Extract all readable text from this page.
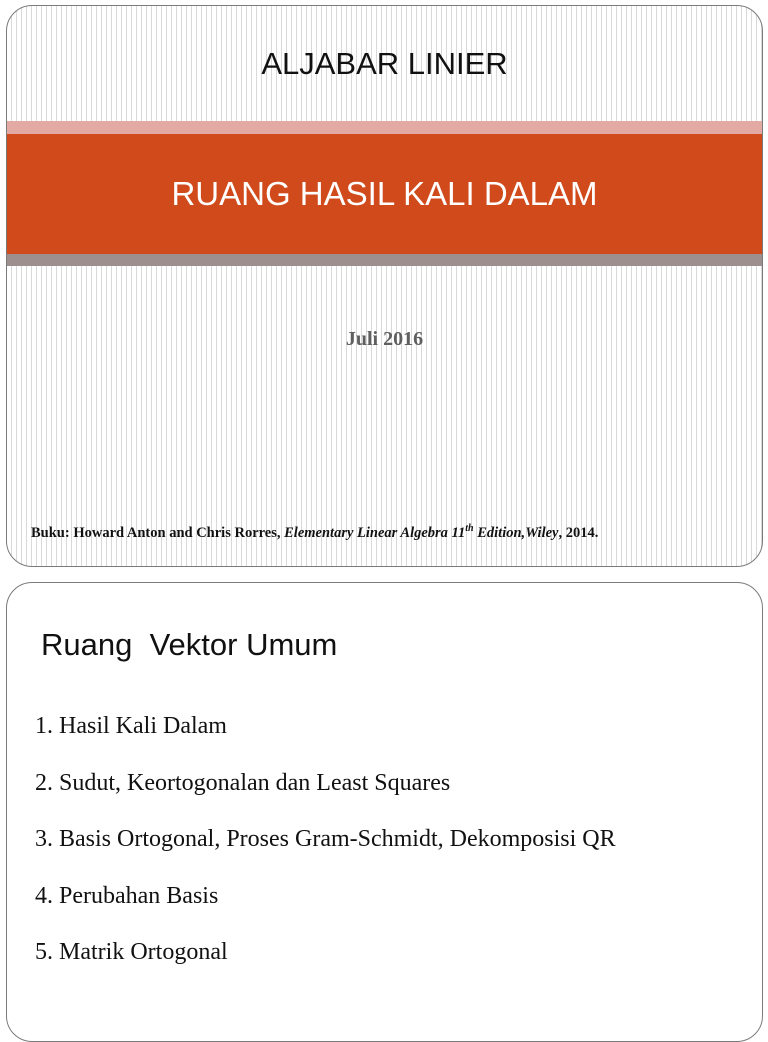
ALJABAR LINIER
RUANG HASIL KALI DALAM
Juli 2016
Buku: Howard Anton and Chris Rorres, Elementary Linear Algebra 11th Edition,Wiley, 2014.
Ruang  Vektor Umum
1. Hasil Kali Dalam
2. Sudut, Keortogonalan dan Least Squares
3. Basis Ortogonal, Proses Gram-Schmidt, Dekomposisi QR
4. Perubahan Basis
5. Matrik Ortogonal
